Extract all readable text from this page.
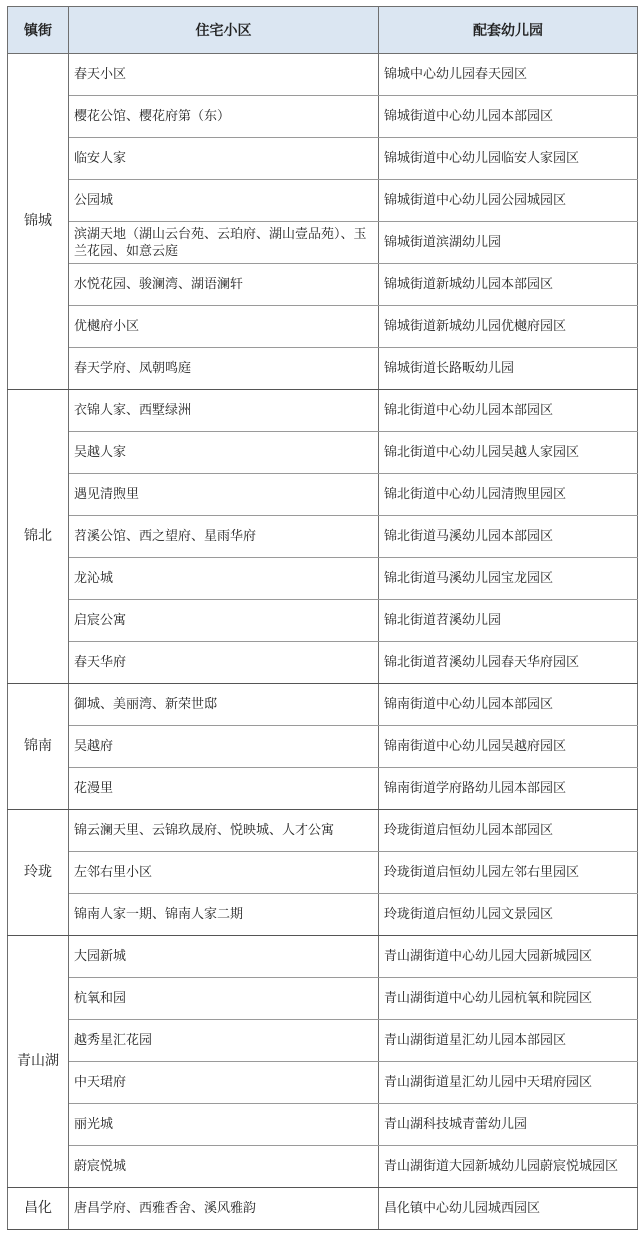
镇街	住宅小区	配套幼儿园
锦城	春天小区	锦城中心幼儿园春天园区
	樱花公馆、樱花府第（东）	锦城街道中心幼儿园本部园区
	临安人家	锦城街道中心幼儿园临安人家园区
	公园城	锦城街道中心幼儿园公园城园区
	滨湖天地（湖山云台苑、云珀府、湖山壹品苑）、玉兰花园、如意云庭	锦城街道滨湖幼儿园
	水悦花园、骏澜湾、湖语澜轩	锦城街道新城幼儿园本部园区
	优樾府小区	锦城街道新城幼儿园优樾府园区
	春天学府、凤朝鸣庭	锦城街道长路畈幼儿园
锦北	衣锦人家、西墅绿洲	锦北街道中心幼儿园本部园区
	吴越人家	锦北街道中心幼儿园吴越人家园区
	遇见清煦里	锦北街道中心幼儿园清煦里园区
	苕溪公馆、西之望府、星雨华府	锦北街道马溪幼儿园本部园区
	龙沁城	锦北街道马溪幼儿园宝龙园区
	启宸公寓	锦北街道苕溪幼儿园
	春天华府	锦北街道苕溪幼儿园春天华府园区
锦南	御城、美丽湾、新荣世邸	锦南街道中心幼儿园本部园区
	吴越府	锦南街道中心幼儿园吴越府园区
	花漫里	锦南街道学府路幼儿园本部园区
玲珑	锦云澜天里、云锦玖晟府、悦映城、人才公寓	玲珑街道启恒幼儿园本部园区
	左邻右里小区	玲珑街道启恒幼儿园左邻右里园区
	锦南人家一期、锦南人家二期	玲珑街道启恒幼儿园文景园区
青山湖	大园新城	青山湖街道中心幼儿园大园新城园区
	杭氧和园	青山湖街道中心幼儿园杭氧和院园区
	越秀星汇花园	青山湖街道星汇幼儿园本部园区
	中天珺府	青山湖街道星汇幼儿园中天珺府园区
	丽光城	青山湖科技城青蕾幼儿园
	蔚宸悦城	青山湖街道大园新城幼儿园蔚宸悦城园区
昌化	唐昌学府、西雅香舍、溪风雅韵	昌化镇中心幼儿园城西园区
